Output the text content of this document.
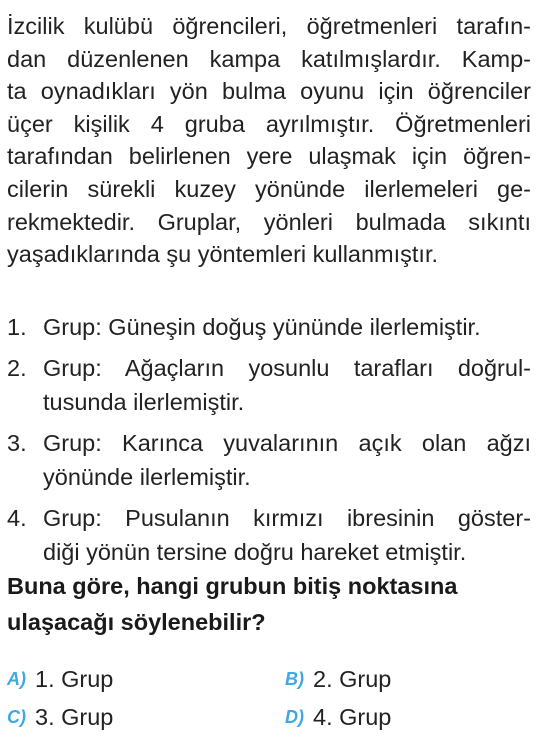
İzcilik kulübü öğrencileri, öğretmenleri tarafın-
dan düzenlenen kampa katılmışlardır. Kamp-
ta oynadıkları yön bulma oyunu için öğrenciler
üçer kişilik 4 gruba ayrılmıştır. Öğretmenleri
tarafından belirlenen yere ulaşmak için öğren-
cilerin sürekli kuzey yönünde ilerlemeleri ge-
rekmektedir. Gruplar, yönleri bulmada sıkıntı
yaşadıklarında şu yöntemleri kullanmıştır.
1. Grup: Güneşin doğuş yününde ilerlemiştir.
2. Grup: Ağaçların yosunlu tarafları doğrul-
tusunda ilerlemiştir.
3. Grup: Karınca yuvalarının açık olan ağzı
yönünde ilerlemiştir.
4. Grup: Pusulanın kırmızı ibresinin göster-
diği yönün tersine doğru hareket etmiştir.
Buna göre, hangi grubun bitiş noktasına
ulaşacağı söylenebilir?
A) 1. Grup	B) 2. Grup
C) 3. Grup	D) 4. Grup
